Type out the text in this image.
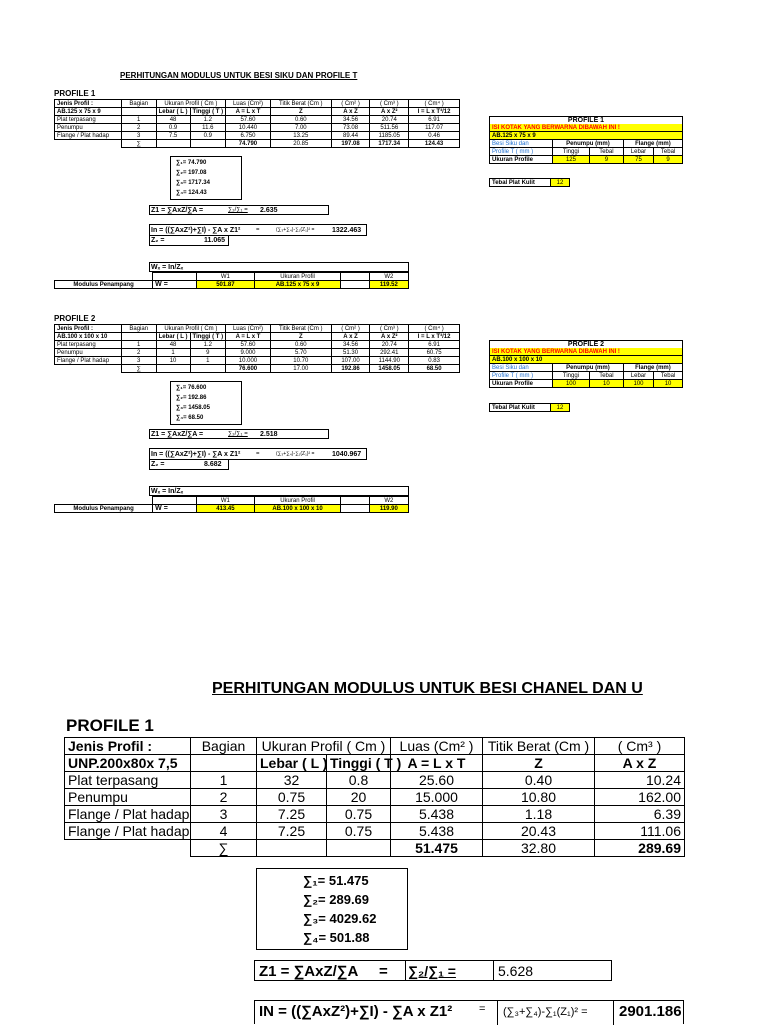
PERHITUNGAN MODULUS UNTUK BESI SIKU DAN PROFILE T
PROFILE 1
Jenis Profil :	Bagian	Ukuran Profil ( Cm )		Luas (Cm²)	Titik Berat (Cm )	( Cm² )	( Cm³ )	( Cm⁴ )
AB.125 x 75 x 9		Lebar ( L )	Tinggi ( T )	A = L x T	Z	A x Z	A x Z²	I = L x T³/12
Plat terpasang	1	48	1.2	57.60	0.60	34.56	20.74	6.91
Penumpu	2	0.9	11.6	10.440	7.00	73.08	511.56	117.07
Flange / Plat hadap	3	7.5	0.9	6.750	13.25	89.44	1185.05	0.46
	∑			74.790	20.85	197.08	1717.34	124.43
∑₁= 74.790
∑₂= 197.08
∑₃= 1717.34
∑₄= 124.43
Z1 = ∑AxZ/∑A =	∑₂/∑₁ = 2.635
In = ((∑AxZ²)+∑I) - ∑A x Z1²	=	(∑₃+∑₄)-∑₁(Z₁)² =	1322.463
Z₂ =	11.065
Wₓ = In/Zₓ
		W1	Ukuran Profil		W2
Modulus Penampang	W =	501.87	AB.125 x 75 x 9		119.52
PROFILE 2
Jenis Profil :	Bagian	Ukuran Profil ( Cm )		Luas (Cm²)	Titik Berat (Cm )	( Cm² )	( Cm³ )	( Cm⁴ )
AB.100 x 100 x 10		Lebar ( L )	Tinggi ( T )	A = L x T	Z	A x Z	A x Z²	I = L x T³/12
Plat terpasang	1	48	1.2	57.60	0.60	34.56	20.74	6.91
Penumpu	2	1	9	9.000	5.70	51.30	292.41	60.75
Flange / Plat hadap	3	10	1	10.000	10.70	107.00	1144.90	0.83
	∑			76.600	17.00	192.86	1458.05	68.50
∑₁= 76.600
∑₂= 192.86
∑₃= 1458.05
∑₄= 68.50
Z1 = ∑AxZ/∑A =	∑₂/∑₁ = 2.518
In = ((∑AxZ²)+∑I) - ∑A x Z1²	=	(∑₃+∑₄)-∑₁(Z₁)² =	1040.967
Z₂ =	8.682
Wₓ = In/Zₓ
		W1	Ukuran Profil		W2
Modulus Penampang	W =	413.45	AB.100 x 100 x 10		119.90
PROFILE 1				
ISI KOTAK YANG BERWARNA DIBAWAH INI !				
AB.125 x 75 x 9				
Besi Siku dan	Penumpu (mm)		Flange (mm)	
Profile T ( mm )	Tinggi	Tebal	Lebar	Tebal
Ukuran Profile	125	9	75	9
Tebal Plat Kulit	12
PROFILE 2				
ISI KOTAK YANG BERWARNA DIBAWAH INI !				
AB.100 x 100 x 10				
Besi Siku dan	Penumpu (mm)		Flange (mm)	
Profile T ( mm )	Tinggi	Tebal	Lebar	Tebal
Ukuran Profile	100	10	100	10
Tebal Plat Kulit	12
PERHITUNGAN MODULUS UNTUK BESI CHANEL DAN U
PROFILE 1
Jenis Profil :	Bagian	Ukuran Profil ( Cm )		Luas (Cm² )	Titik Berat (Cm )	( Cm³ )
UNP.200x80x 7,5		Lebar ( L )	Tinggi ( T )	A = L x T	Z	A x Z
Plat terpasang	1	32	0.8	25.60	0.40	10.24
Penumpu	2	0.75	20	15.000	10.80	162.00
Flange / Plat hadap	3	7.25	0.75	5.438	1.18	6.39
Flange / Plat hadap	4	7.25	0.75	5.438	20.43	111.06
	∑			51.475	32.80	289.69
∑₁= 51.475
∑₂= 289.69
∑₃= 4029.62
∑₄= 501.88
Z1 = ∑AxZ/∑A = ∑₂/∑₁ =	5.628
IN = ((∑AxZ²)+∑I) - ∑A x Z1² = (∑₃+∑₄)-∑₁(Z₁)² = 2901.186
